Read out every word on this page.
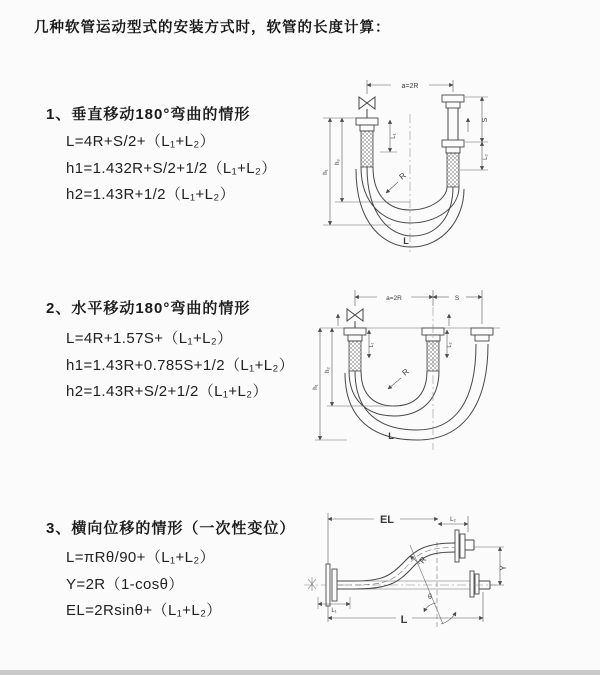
几种软管运动型式的安装方式时，软管的长度计算：
1、垂直移动180°弯曲的情形
L=4R+S/2+（L₁+L₂）
h1=1.432R+S/2+1/2（L₁+L₂）
h2=1.43R+1/2（L₁+L₂）
a=2R
h₁
h₂
L₁
S
L₂
R
L
2、水平移动180°弯曲的情形
L=4R+1.57S+（L₁+L₂）
h1=1.43R+0.785S+1/2（L₁+L₂）
h2=1.43R+S/2+1/2（L₁+L₂）
a=2R	S
L₁	L₂
h₁
h₂	R
L
3、横向位移的情形（一次性变位）
L=πRθ/90+（L₁+L₂）
Y=2R（1-cosθ）
EL=2Rsinθ+（L₁+L₂）
EL	L₂
Y
θ
R
L₁
L
